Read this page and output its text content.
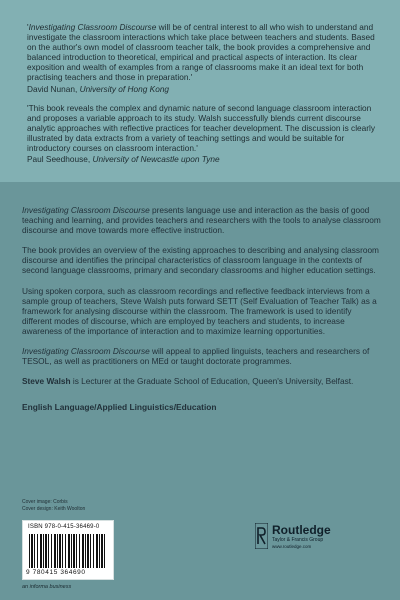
'Investigating Classroom Discourse will be of central interest to all who wish to understand and investigate the classroom interactions which take place between teachers and students. Based on the author's own model of classroom teacher talk, the book provides a comprehensive and balanced introduction to theoretical, empirical and practical aspects of interaction. Its clear exposition and wealth of examples from a range of classrooms make it an ideal text for both practising teachers and those in preparation.'

David Nunan, University of Hong Kong

'This book reveals the complex and dynamic nature of second language classroom interaction and proposes a variable approach to its study. Walsh successfully blends current discourse analytic approaches with reflective practices for teacher development. The discussion is clearly illustrated by data extracts from a variety of teaching settings and would be suitable for introductory courses on classroom interaction.'

Paul Seedhouse, University of Newcastle upon Tyne

Investigating Classroom Discourse presents language use and interaction as the basis of good teaching and learning, and provides teachers and researchers with the tools to analyse classroom discourse and move towards more effective instruction.

The book provides an overview of the existing approaches to describing and analysing classroom discourse and identifies the principal characteristics of classroom language in the contexts of second language classrooms, primary and secondary classrooms and higher education settings.

Using spoken corpora, such as classroom recordings and reflective feedback interviews from a sample group of teachers, Steve Walsh puts forward SETT (Self Evaluation of Teacher Talk) as a framework for analysing discourse within the classroom. The framework is used to identify different modes of discourse, which are employed by teachers and students, to increase awareness of the importance of interaction and to maximize learning opportunities.

Investigating Classroom Discourse will appeal to applied linguists, teachers and researchers of TESOL, as well as practitioners on MEd or taught doctorate programmes.

Steve Walsh is Lecturer at the Graduate School of Education, Queen's University, Belfast.
English Language/Applied Linguistics/Education
Cover image: Corbis
Cover design: Keith Woolton
ISBN 978-0-415-36469-0
9 780415 364690
Routledge
Taylor & Francis Group
www.routledge.com
an informa business
